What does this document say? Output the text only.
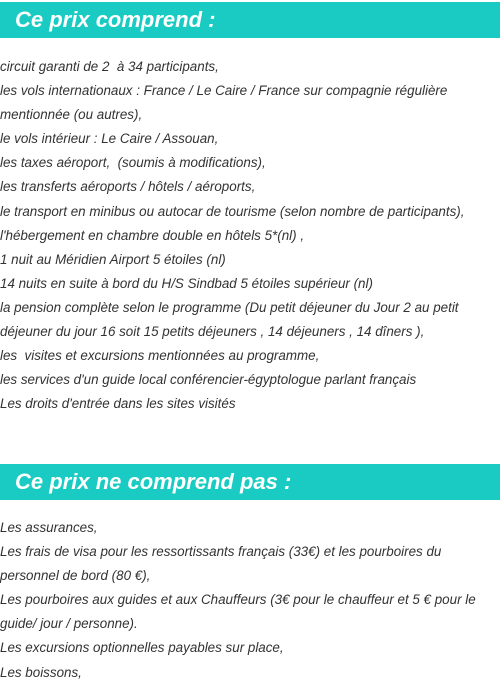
Ce prix comprend :
circuit garanti de 2  à 34 participants,
les vols internationaux : France / Le Caire / France sur compagnie régulière mentionnée (ou autres),
le vols intérieur : Le Caire / Assouan,
les taxes aéroport,  (soumis à modifications),
les transferts aéroports / hôtels / aéroports,
le transport en minibus ou autocar de tourisme (selon nombre de participants),
l'hébergement en chambre double en hôtels 5*(nl) ,
1 nuit au Méridien Airport 5 étoiles (nl)
14 nuits en suite à bord du H/S Sindbad 5 étoiles supérieur (nl)
la pension complète selon le programme (Du petit déjeuner du Jour 2 au petit déjeuner du jour 16 soit 15 petits déjeuners , 14 déjeuners , 14 dîners ),
les  visites et excursions mentionnées au programme,
les services d'un guide local conférencier-égyptologue parlant français
Les droits d'entrée dans les sites visités
Ce prix ne comprend pas :
Les assurances,
Les frais de visa pour les ressortissants français (33€) et les pourboires du personnel de bord (80 €),
Les pourboires aux guides et aux Chauffeurs (3€ pour le chauffeur et 5 € pour le guide/ jour / personne).
Les excursions optionnelles payables sur place,
Les boissons,
